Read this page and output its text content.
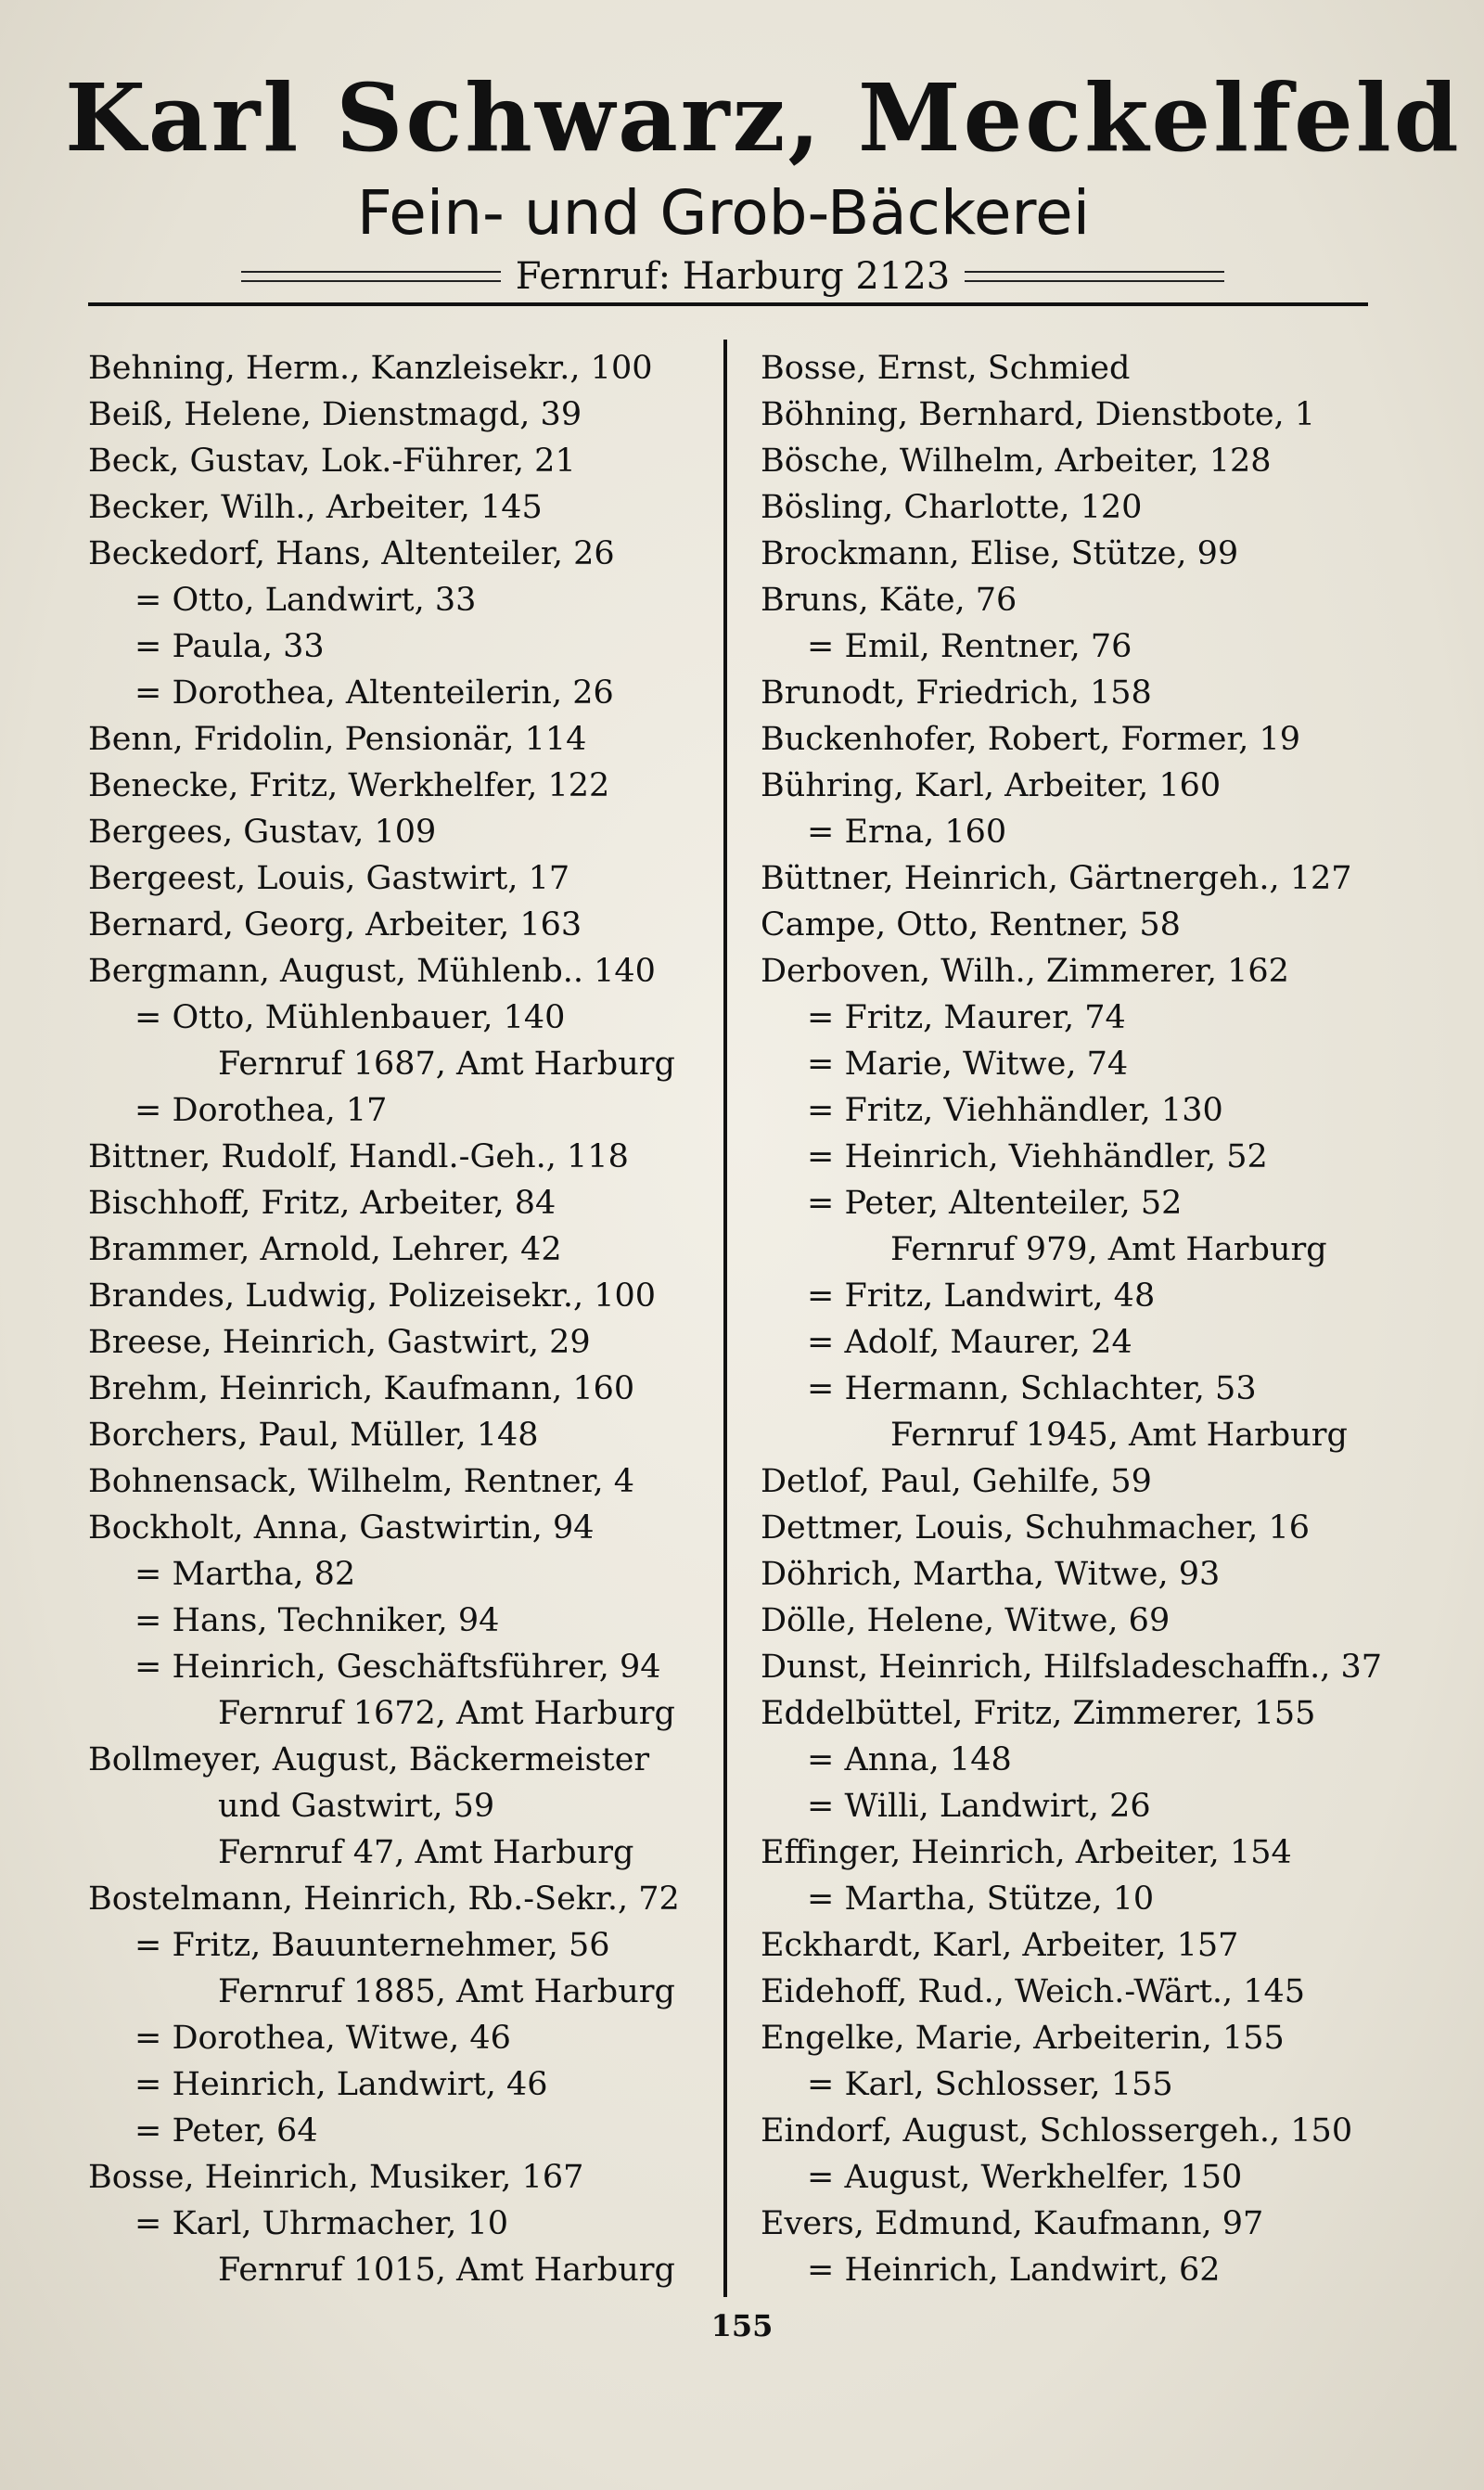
Karl Schwarz, Meckelfeld
Fein- und Grob-Bäckerei
Fernruf: Harburg 2123
Behning, Herm., Kanzleisekr., 100
Beiß, Helene, Dienstmagd, 39
Beck, Gustav, Lok.-Führer, 21
Becker, Wilh., Arbeiter, 145
Beckedorf, Hans, Altenteiler, 26
= Otto, Landwirt, 33
= Paula, 33
= Dorothea, Altenteilerin, 26
Benn, Fridolin, Pensionär, 114
Benecke, Fritz, Werkhelfer, 122
Bergees, Gustav, 109
Bergeest, Louis, Gastwirt, 17
Bernard, Georg, Arbeiter, 163
Bergmann, August, Mühlenb.. 140
= Otto, Mühlenbauer, 140
Fernruf 1687, Amt Harburg
= Dorothea, 17
Bittner, Rudolf, Handl.-Geh., 118
Bischhoff, Fritz, Arbeiter, 84
Brammer, Arnold, Lehrer, 42
Brandes, Ludwig, Polizeisekr., 100
Breese, Heinrich, Gastwirt, 29
Brehm, Heinrich, Kaufmann, 160
Borchers, Paul, Müller, 148
Bohnensack, Wilhelm, Rentner, 4
Bockholt, Anna, Gastwirtin, 94
= Martha, 82
= Hans, Techniker, 94
= Heinrich, Geschäftsführer, 94
Fernruf 1672, Amt Harburg
Bollmeyer, August, Bäckermeister
und Gastwirt, 59
Fernruf 47, Amt Harburg
Bostelmann, Heinrich, Rb.-Sekr., 72
= Fritz, Bauunternehmer, 56
Fernruf 1885, Amt Harburg
= Dorothea, Witwe, 46
= Heinrich, Landwirt, 46
= Peter, 64
Bosse, Heinrich, Musiker, 167
= Karl, Uhrmacher, 10
Fernruf 1015, Amt Harburg
Bosse, Ernst, Schmied
Böhning, Bernhard, Dienstbote, 1
Bösche, Wilhelm, Arbeiter, 128
Bösling, Charlotte, 120
Brockmann, Elise, Stütze, 99
Bruns, Käte, 76
= Emil, Rentner, 76
Brunodt, Friedrich, 158
Buckenhofer, Robert, Former, 19
Bühring, Karl, Arbeiter, 160
= Erna, 160
Büttner, Heinrich, Gärtnergeh., 127
Campe, Otto, Rentner, 58
Derboven, Wilh., Zimmerer, 162
= Fritz, Maurer, 74
= Marie, Witwe, 74
= Fritz, Viehhändler, 130
= Heinrich, Viehhändler, 52
= Peter, Altenteiler, 52
Fernruf 979, Amt Harburg
= Fritz, Landwirt, 48
= Adolf, Maurer, 24
= Hermann, Schlachter, 53
Fernruf 1945, Amt Harburg
Detlof, Paul, Gehilfe, 59
Dettmer, Louis, Schuhmacher, 16
Döhrich, Martha, Witwe, 93
Dölle, Helene, Witwe, 69
Dunst, Heinrich, Hilfsladeschaffn., 37
Eddelbüttel, Fritz, Zimmerer, 155
= Anna, 148
= Willi, Landwirt, 26
Effinger, Heinrich, Arbeiter, 154
= Martha, Stütze, 10
Eckhardt, Karl, Arbeiter, 157
Eidehoff, Rud., Weich.-Wärt., 145
Engelke, Marie, Arbeiterin, 155
= Karl, Schlosser, 155
Eindorf, August, Schlossergeh., 150
= August, Werkhelfer, 150
Evers, Edmund, Kaufmann, 97
= Heinrich, Landwirt, 62
155
